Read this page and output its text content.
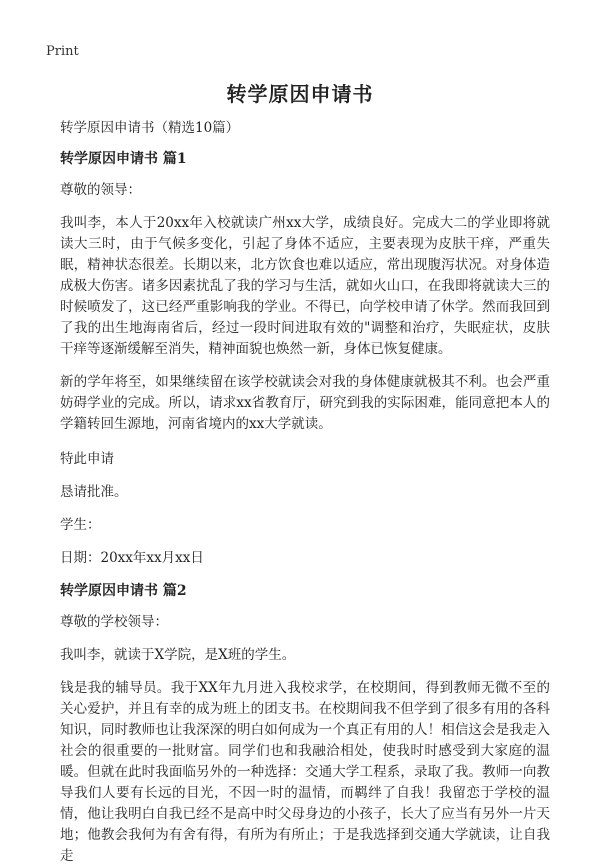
Print
转学原因申请书

转学原因申请书（精选10篇）

转学原因申请书 篇1

尊敬的领导：

我叫李，本人于20xx年入校就读广州xx大学，成绩良好。完成大二的学业即将就读大三时，由于气候多变化，引起了身体不适应，主要表现为皮肤干痒，严重失眠，精神状态很差。长期以来，北方饮食也难以适应，常出现腹泻状况。对身体造成极大伤害。诸多因素扰乱了我的学习与生活，就如火山口，在我即将就读大三的时候喷发了，这已经严重影响我的学业。不得已，向学校申请了休学。然而我回到了我的出生地海南省后，经过一段时间进取有效的"调整和治疗，失眠症状，皮肤干痒等逐渐缓解至消失，精神面貌也焕然一新，身体已恢复健康。

新的学年将至，如果继续留在该学校就读会对我的身体健康就极其不利。也会严重妨碍学业的完成。所以，请求xx省教育厅，研究到我的实际困难，能同意把本人的学籍转回生源地，河南省境内的xx大学就读。

特此申请

恳请批准。

学生：

日期：20xx年xx月xx日

转学原因申请书 篇2

尊敬的学校领导：

我叫李，就读于X学院，是X班的学生。

钱是我的辅导员。我于XX年九月进入我校求学，在校期间，得到教师无微不至的关心爱护，并且有幸的成为班上的团支书。在校期间我不但学到了很多有用的各科知识，同时教师也让我深深的明白如何成为一个真正有用的人！相信这会是我走入社会的很重要的一批财富。同学们也和我融洽相处，使我时时感受到大家庭的温暖。但就在此时我面临另外的一种选择：交通大学工程系，录取了我。教师一向教导我们人要有长远的目光，不因一时的温情，而羁绊了自我！我留恋于学校的温情，他让我明白自我已经不是高中时父母身边的小孩子，长大了应当有另外一片天地；他教会我何为有舍有得，有所为有所止；于是我选择到交通大学就读，让自我走
